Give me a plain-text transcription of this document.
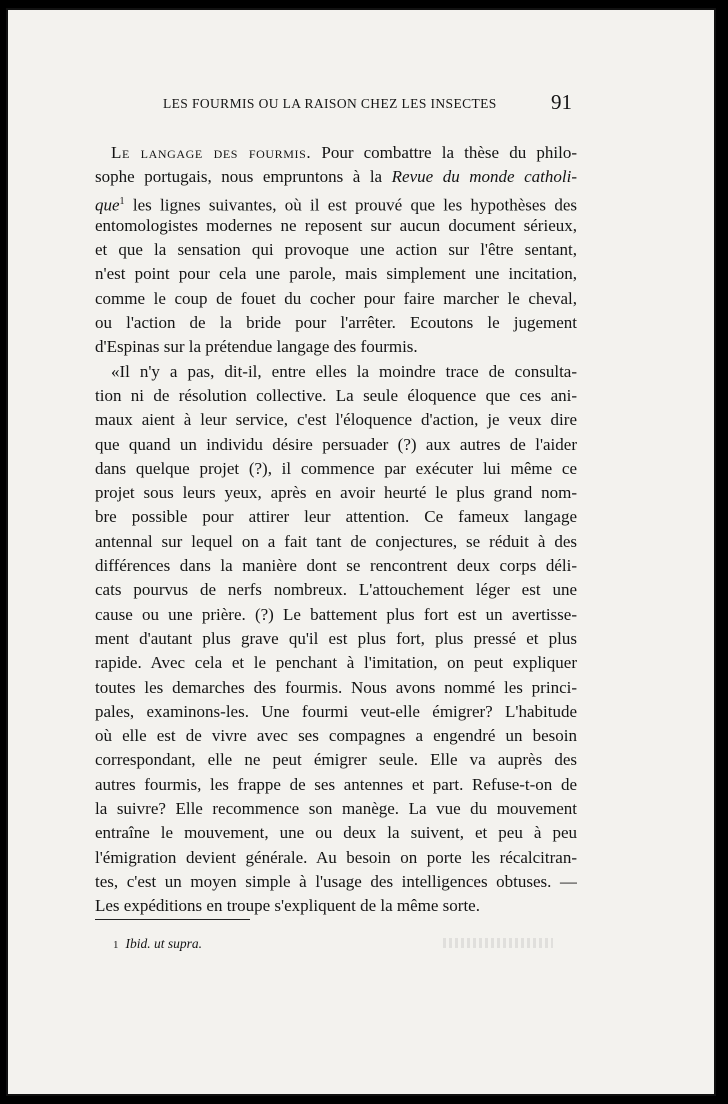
LES FOURMIS OU LA RAISON CHEZ LES INSECTES	91
Le langage des fourmis. Pour combattre la thèse du philo-
sophe portugais, nous empruntons à la Revue du monde catholi-
que$^1$ les lignes suivantes, où il est prouvé que les hypothèses des
entomologistes modernes ne reposent sur aucun document sérieux,
et que la sensation qui provoque une action sur l'être sentant,
n'est point pour cela une parole, mais simplement une incitation,
comme le coup de fouet du cocher pour faire marcher le cheval,
ou l'action de la bride pour l'arrêter. Ecoutons le jugement
d'Espinas sur la prétendue langage des fourmis.
«Il n'y a pas, dit-il, entre elles la moindre trace de consulta-
tion ni de résolution collective. La seule éloquence que ces ani-
maux aient à leur service, c'est l'éloquence d'action, je veux dire
que quand un individu désire persuader (?) aux autres de l'aider
dans quelque projet (?), il commence par exécuter lui même ce
projet sous leurs yeux, après en avoir heurté le plus grand nom-
bre possible pour attirer leur attention. Ce fameux langage
antennal sur lequel on a fait tant de conjectures, se réduit à des
différences dans la manière dont se rencontrent deux corps déli-
cats pourvus de nerfs nombreux. L'attouchement léger est une
cause ou une prière. (?) Le battement plus fort est un avertisse-
ment d'autant plus grave qu'il est plus fort, plus pressé et plus
rapide. Avec cela et le penchant à l'imitation, on peut expliquer
toutes les demarches des fourmis. Nous avons nommé les princi-
pales, examinons-les. Une fourmi veut-elle émigrer? L'habitude
où elle est de vivre avec ses compagnes a engendré un besoin
correspondant, elle ne peut émigrer seule. Elle va auprès des
autres fourmis, les frappe de ses antennes et part. Refuse-t-on de
la suivre? Elle recommence son manège. La vue du mouvement
entraîne le mouvement, une ou deux la suivent, et peu à peu
l'émigration devient générale. Au besoin on porte les récalcitran-
tes, c'est un moyen simple à l'usage des intelligences obtuses. —
Les expéditions en troupe s'expliquent de la même sorte.
1 Ibid. ut supra.
